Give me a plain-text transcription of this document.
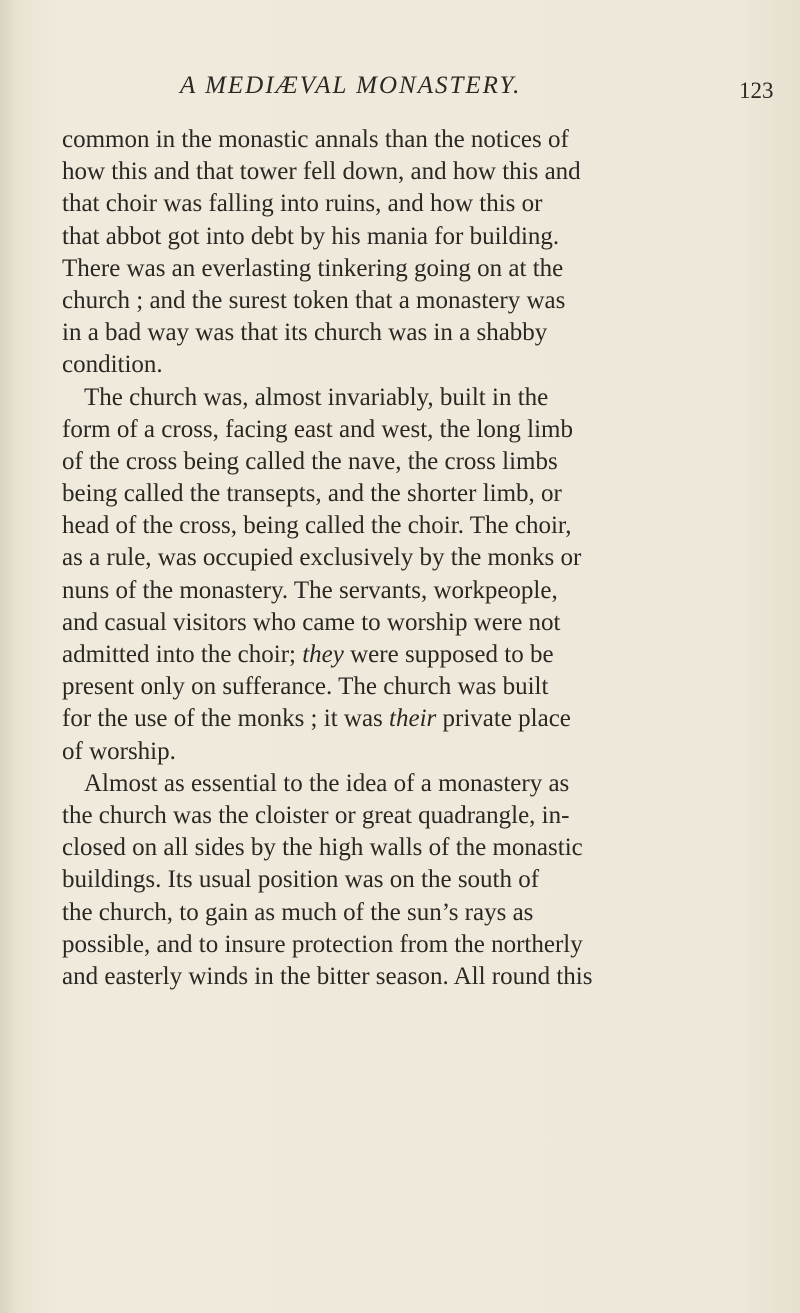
A MEDIÆVAL MONASTERY.	123
common in the monastic annals than the notices of
how this and that tower fell down, and how this and
that choir was falling into ruins, and how this or
that abbot got into debt by his mania for building.
There was an everlasting tinkering going on at the
church ; and the surest token that a monastery was
in a bad way was that its church was in a shabby
condition.
The church was, almost invariably, built in the
form of a cross, facing east and west, the long limb
of the cross being called the nave, the cross limbs
being called the transepts, and the shorter limb, or
head of the cross, being called the choir. The choir,
as a rule, was occupied exclusively by the monks or
nuns of the monastery. The servants, workpeople,
and casual visitors who came to worship were not
admitted into the choir; they were supposed to be
present only on sufferance. The church was built
for the use of the monks ; it was their private place
of worship.
Almost as essential to the idea of a monastery as
the church was the cloister or great quadrangle, in-
closed on all sides by the high walls of the monastic
buildings. Its usual position was on the south of
the church, to gain as much of the sun’s rays as
possible, and to insure protection from the northerly
and easterly winds in the bitter season. All round this
